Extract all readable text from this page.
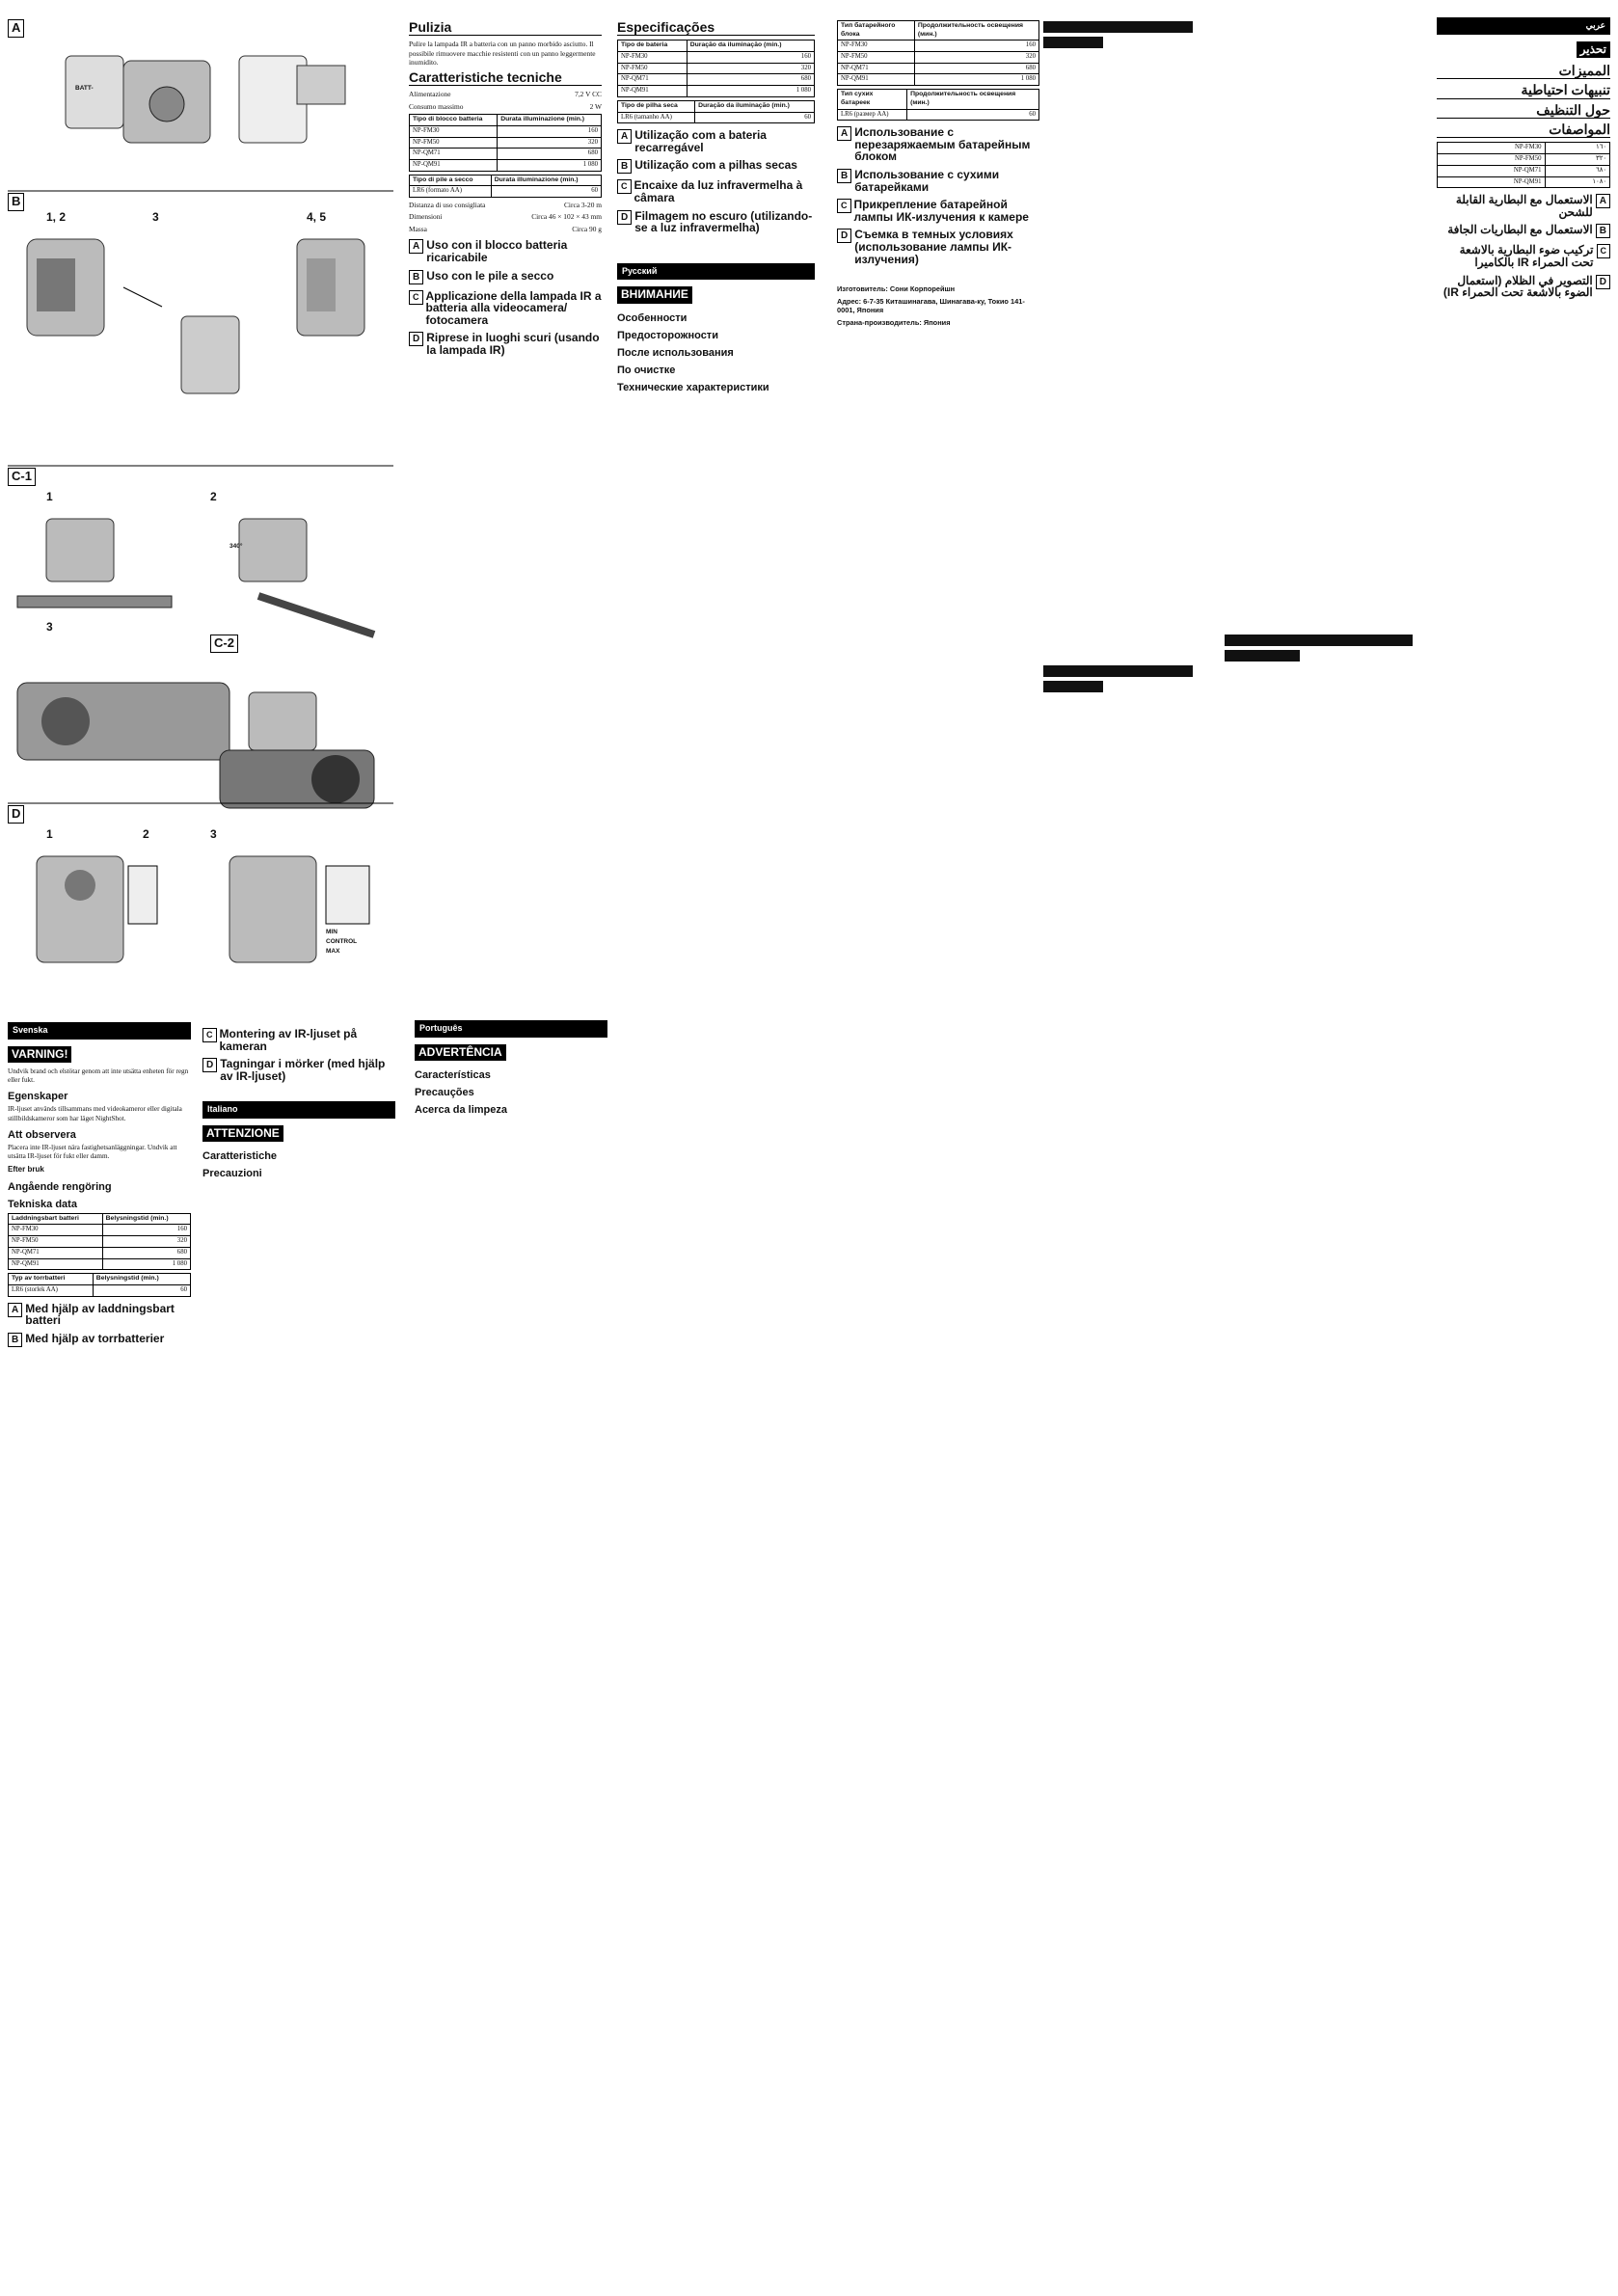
A
B
C-1
C-2
D
1, 2	3	4, 5
1	2
3
1	2	3
BATT-
340°
MIN
CONTROL
MAX
Svenska
VARNING!

Undvik brand och elstötar genom att inte utsätta enheten för regn eller fukt.

Egenskaper

IR-ljuset används tillsammans med videokameror eller digitala stillbildskameror som har läget NightShot.

Att observera

Placera inte IR-ljuset nära fastighetsanläggningar. Undvik att utsätta IR-ljuset för fukt eller damm.

Efter bruk
Angående rengöring
Tekniska data
Laddningsbart batteri	Belysningstid (min.)
NP-FM30	160
NP-FM50	320
NP-QM71	680
NP-QM91	1 080
Typ av torrbatteri	Belysningstid (min.)
LR6 (storlek AA)	60
A Med hjälp av laddningsbart batteri
B Med hjälp av torrbatterier
C Montering av IR-ljuset på kameran
D Tagningar i mörker (med hjälp av IR-ljuset)
Italiano
ATTENZIONE
Caratteristiche
Precauzioni
Pulizia

Pulire la lampada IR a batteria con un panno morbido asciutto. Il possibile rimuovere macchie resistenti con un panno leggermente inumidito.

Caratteristiche tecniche

Alimentazione	7,2 V CC

Consumo massimo	2 W

Tipo di blocco batteria	Durata illuminazione (min.)
NP-FM30	160
NP-FM50	320
NP-QM71	680
NP-QM91	1 080
Tipo di pile a secco	Durata illuminazione (min.)
LR6 (formato AA)	60

Distanza di uso consigliata	Circa 3-20 m

Dimensioni	Circa 46 × 102 × 43 mm

Massa	Circa 90 g

A Uso con il blocco batteria ricaricabile
B Uso con le pile a secco
C Applicazione della lampada IR a batteria alla videocamera/ fotocamera
D Riprese in luoghi scuri (usando la lampada IR)
Especificações
Tipo de bateria	Duração da iluminação (min.)
NP-FM30	160
NP-FM50	320
NP-QM71	680
NP-QM91	1 080
Tipo de pilha seca	Duração da iluminação (min.)
LR6 (tamanho AA)	60
A Utilização com a bateria recarregável
B Utilização com a pilhas secas
C Encaixe da luz infravermelha à câmara
D Filmagem no escuro (utilizando-se a luz infravermelha)
Русский
ВНИМАНИЕ
Особенности
Предосторожности
После использования
По очистке
Технические характеристики
Português
ADVERTÊNCIA
Características
Precauções
Acerca da limpeza
Тип батарейного блока	Продолжительность освещения (мин.)
NP-FM30	160
NP-FM50	320
NP-QM71	680
NP-QM91	1 080
Тип сухих батареек	Продолжительность освещения (мин.)
LR6 (размер AA)	60
A Использование с перезаряжаемым батарейным блоком
B Использование с сухими батарейками
C Прикрепление батарейной лампы ИК-излучения к камере
D Съемка в темных условиях (использование лампы ИК-излучения)

Изготовитель: Сони Корпорейшн

Адрес: 6-7-35 Киташинагава, Шинагава-ку, Токио 141-0001, Япония

Страна-производитель: Япония

عربي
تحذير
المميزات
تنبيهات احتياطية
حول التنظيف
المواصفات
١٦٠	NP-FM30
٣٢٠	NP-FM50
٦٨٠	NP-QM71
١٠٨٠	NP-QM91
A
الاستعمال مع البطارية القابلة للشحن
B
الاستعمال مع البطاريات الجافة
C
تركيب ضوء البطارية بالاشعة تحت الحمراء IR بالكاميرا
D
التصوير في الظلام (استعمال الضوء بالاشعة تحت الحمراء IR)
